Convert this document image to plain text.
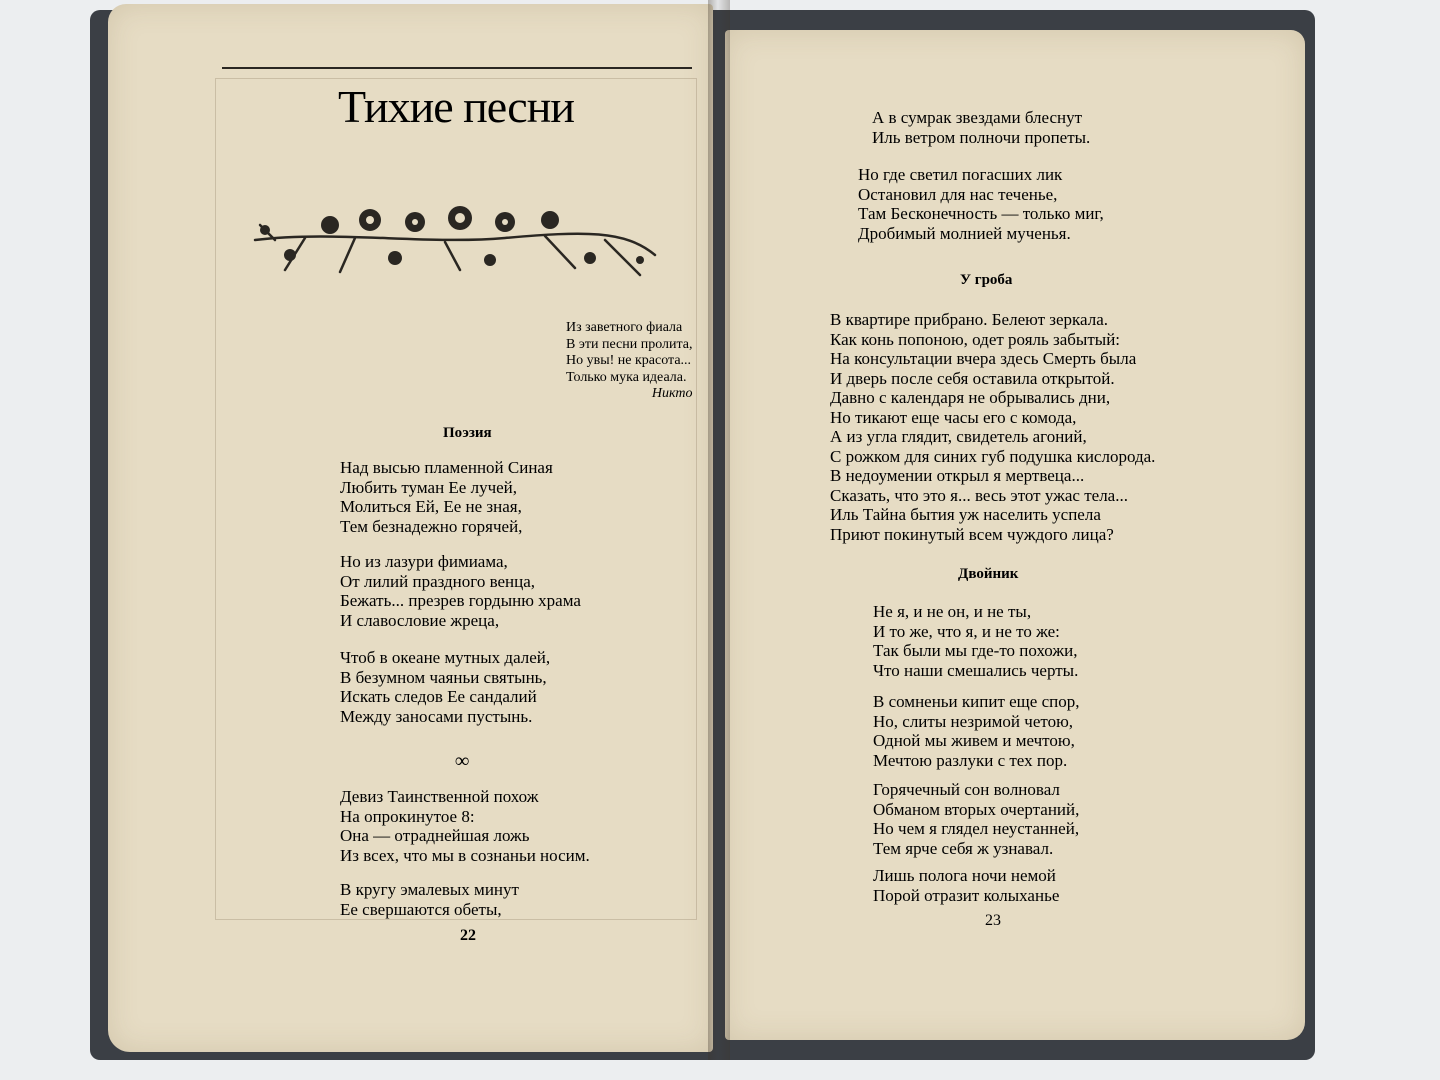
Тихие песни
Из заветного фиала
В эти песни пролита,
Но увы! не красота...
Только мука идеала.
Никто
Поэзия
Над высью пламенной Синая
Любить туман Ее лучей,
Молиться Ей, Ее не зная,
Тем безнадежно горячей,
Но из лазури фимиама,
От лилий праздного венца,
Бежать... презрев гордыню храма
И славословие жреца,
Чтоб в океане мутных далей,
В безумном чаяньи святынь,
Искать следов Ее сандалий
Между заносами пустынь.
∞
Девиз Таинственной похож
На опрокинутое 8:
Она — отраднейшая ложь
Из всех, что мы в сознаньи носим.
В кругу эмалевых минут
Ее свершаются обеты,
22
А в сумрак звездами блеснут
Иль ветром полночи пропеты.
Но где светил погасших лик
Остановил для нас теченье,
Там Бесконечность — только миг,
Дробимый молнией мученья.
У гроба
В квартире прибрано. Белеют зеркала.
Как конь попоною, одет рояль забытый:
На консультации вчера здесь Смерть была
И дверь после себя оставила открытой.
Давно с календаря не обрывались дни,
Но тикают еще часы его с комода,
А из угла глядит, свидетель агоний,
С рожком для синих губ подушка кислорода.
В недоумении открыл я мертвеца...
Сказать, что это я... весь этот ужас тела...
Иль Тайна бытия уж населить успела
Приют покинутый всем чуждого лица?
Двойник
Не я, и не он, и не ты,
И то же, что я, и не то же:
Так были мы где-то похожи,
Что наши смешались черты.
В сомненьи кипит еще спор,
Но, слиты незримой четою,
Одной мы живем и мечтою,
Мечтою разлуки с тех пор.
Горячечный сон волновал
Обманом вторых очертаний,
Но чем я глядел неустанней,
Тем ярче себя ж узнавал.
Лишь полога ночи немой
Порой отразит колыханье
23
